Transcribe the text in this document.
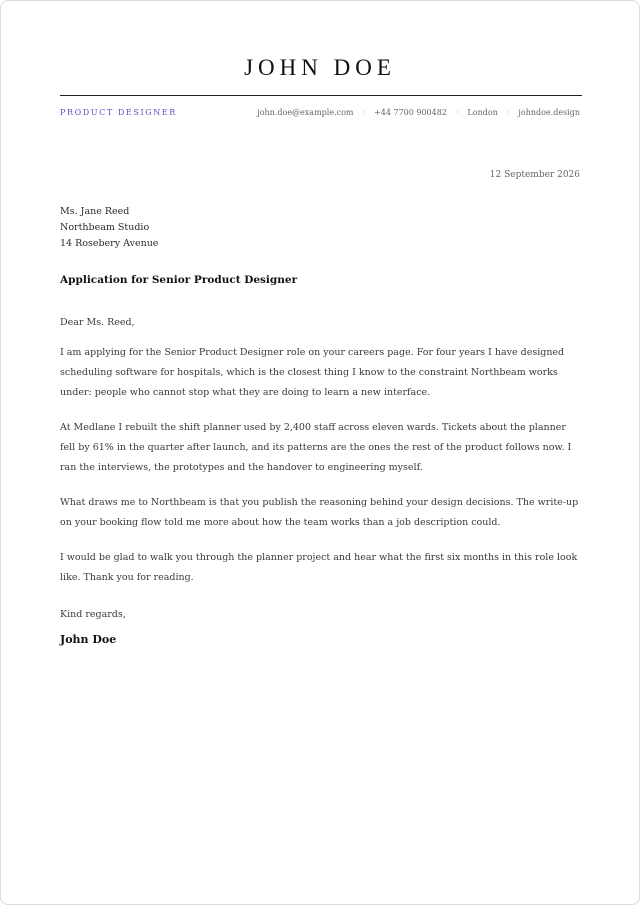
JOHN DOE
PRODUCT DESIGNER	john.doe@example.com · +44 7700 900482 · London · johndoe.design
12 September 2026
Ms. Jane Reed
Northbeam Studio
14 Rosebery Avenue
Application for Senior Product Designer

Dear Ms. Reed,

I am applying for the Senior Product Designer role on your careers page. For four years I have designed scheduling software for hospitals, which is the closest thing I know to the constraint Northbeam works under: people who cannot stop what they are doing to learn a new interface.

At Medlane I rebuilt the shift planner used by 2,400 staff across eleven wards. Tickets about the planner fell by 61% in the quarter after launch, and its patterns are the ones the rest of the product follows now. I ran the interviews, the prototypes and the handover to engineering myself.

What draws me to Northbeam is that you publish the reasoning behind your design decisions. The write-up on your booking flow told me more about how the team works than a job description could.

I would be glad to walk you through the planner project and hear what the first six months in this role look like. Thank you for reading.

Kind regards,
John Doe
